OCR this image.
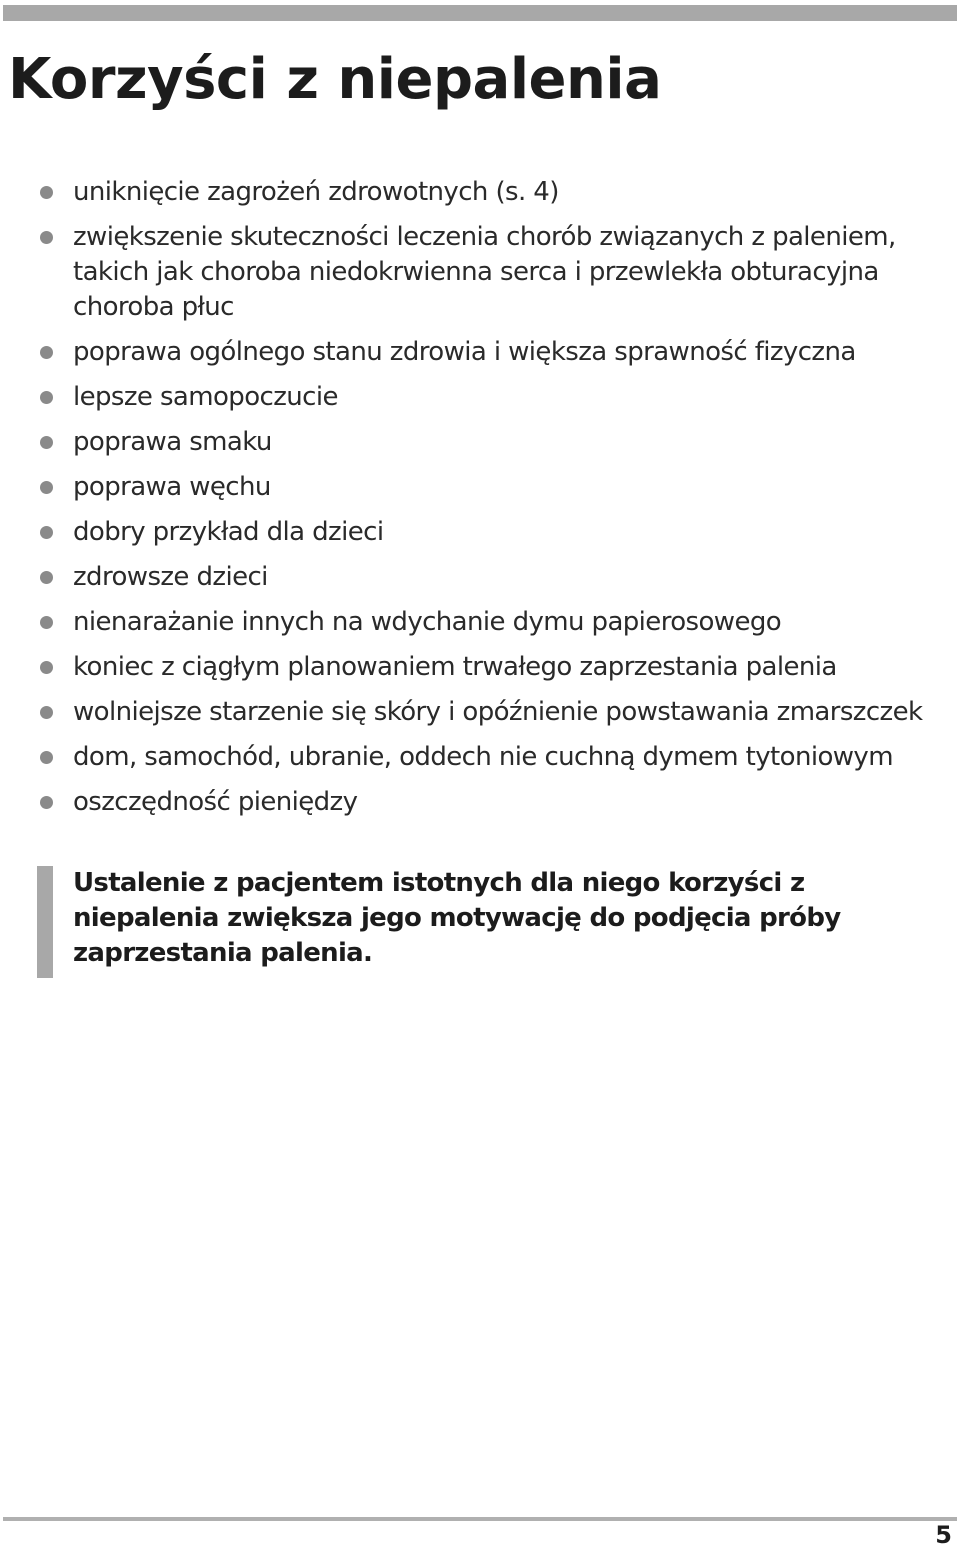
Korzyści z niepalenia
uniknięcie zagrożeń zdrowotnych (s. 4)
zwiększenie skuteczności leczenia chorób związanych z paleniem, takich jak choroba niedokrwienna serca i przewlekła obturacyjna choroba płuc
poprawa ogólnego stanu zdrowia i większa sprawność fizyczna
lepsze samopoczucie
poprawa smaku
poprawa węchu
dobry przykład dla dzieci
zdrowsze dzieci
nienarażanie innych na wdychanie dymu papierosowego
koniec z ciągłym planowaniem trwałego zaprzestania palenia
wolniejsze starzenie się skóry i opóźnienie powstawania zmarszczek
dom, samochód, ubranie, oddech nie cuchną dymem tytoniowym
oszczędność pieniędzy

Ustalenie z pacjentem istotnych dla niego korzyści z niepalenia zwiększa jego motywację do podjęcia próby zaprzestania palenia.

5
